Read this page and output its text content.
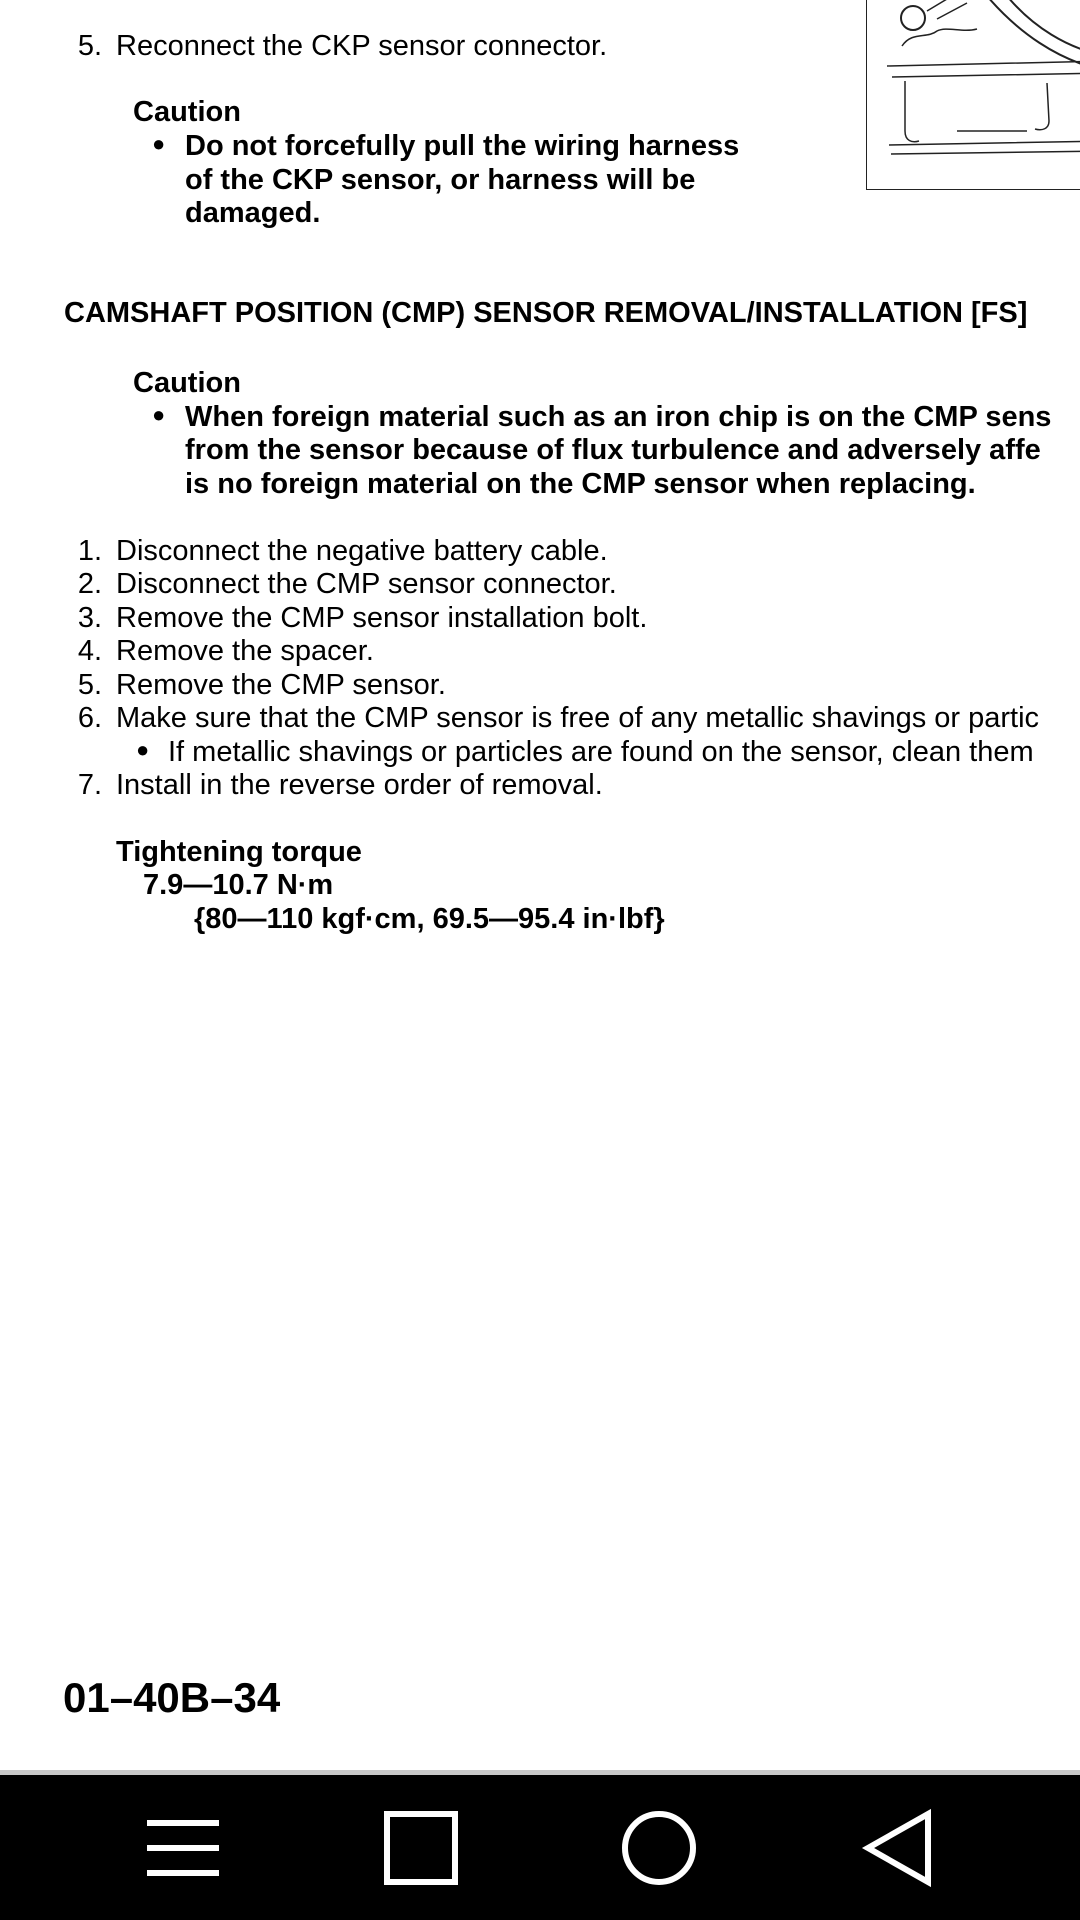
5. Reconnect the CKP sensor connector.
Caution
● Do not forcefully pull the wiring harness
of the CKP sensor, or harness will be
damaged.
CAMSHAFT POSITION (CMP) SENSOR REMOVAL/INSTALLATION [FS]
Caution
● When foreign material such as an iron chip is on the CMP sens
from the sensor because of flux turbulence and adversely affe
is no foreign material on the CMP sensor when replacing.
1. Disconnect the negative battery cable.
2. Disconnect the CMP sensor connector.
3. Remove the CMP sensor installation bolt.
4. Remove the spacer.
5. Remove the CMP sensor.
6. Make sure that the CMP sensor is free of any metallic shavings or partic
● If metallic shavings or particles are found on the sensor, clean them
7. Install in the reverse order of removal.
Tightening torque
7.9—10.7 N·m
{80—110 kgf·cm, 69.5—95.4 in·lbf}
01–40B–34
